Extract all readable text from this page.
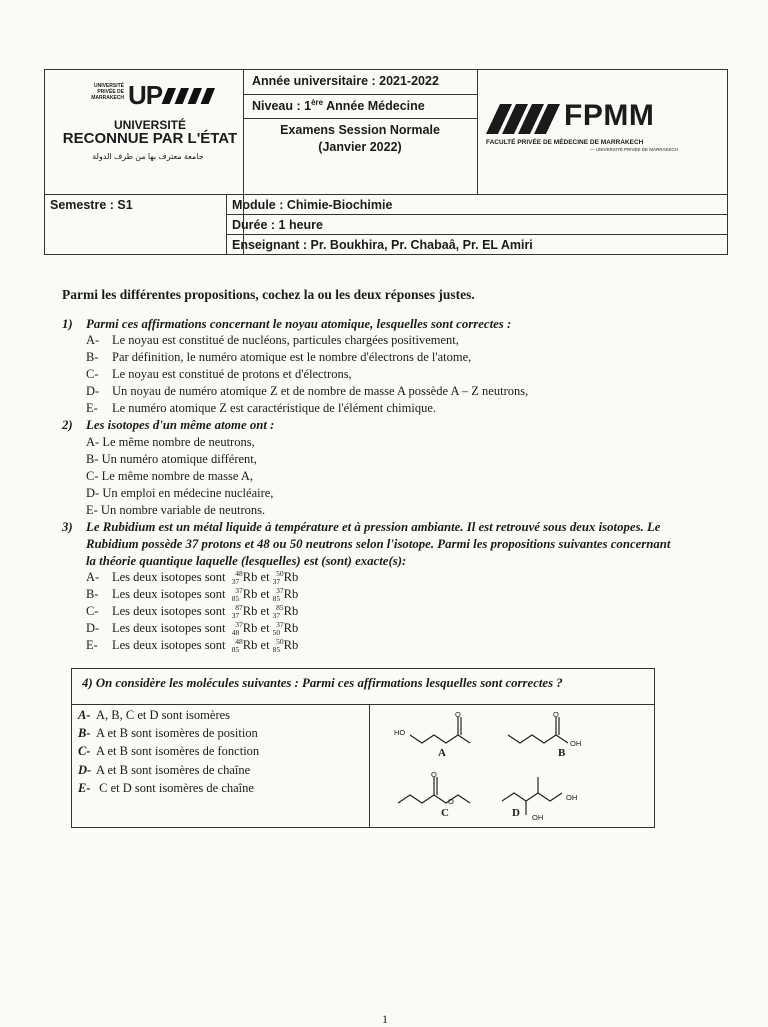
UNIVERSITÉ
PRIVÉE DE
MARRAKECH UP
UNIVERSITÉ
RECONNUE PAR L'ÉTAT
جامعة معترف بها من طرف الدولة
Année universitaire : 2021-2022
Niveau : 1ère Année Médecine
Examens Session Normale
(Janvier 2022)
FPMM
FACULTÉ PRIVÉE DE MÉDECINE DE MARRAKECH
— UNIVERSITÉ PRIVÉE DE MARRAKECH
Semestre : S1	Module : Chimie-Biochimie
Durée : 1 heure
Enseignant : Pr. Boukhira, Pr. Chabaâ, Pr. EL Amiri
Parmi les différentes propositions, cochez la ou les deux réponses justes.
1) Parmi ces affirmations concernant le noyau atomique, lesquelles sont correctes :
A- Le noyau est constitué de nucléons, particules chargées positivement,
B- Par définition, le numéro atomique est le nombre d'électrons de l'atome,
C- Le noyau est constitué de protons et d'électrons,
D- Un noyau de numéro atomique Z et de nombre de masse A possède A – Z neutrons,
E- Le numéro atomique Z est caractéristique de l'élément chimique.
2) Les isotopes d'un même atome ont :
A- Le même nombre de neutrons,
B- Un numéro atomique différent,
C- Le même nombre de masse A,
D- Un emploi en médecine nucléaire,
E- Un nombre variable de neutrons.
3) Le Rubidium est un métal liquide à température et à pression ambiante. Il est retrouvé sous deux isotopes. Le
Rubidium possède 37 protons et 48 ou 50 neutrons selon l'isotope. Parmi les propositions suivantes concernant
la théorie quantique laquelle (lesquelles) est (sont) exacte(s):
A- Les deux isotopes sont $_{37}^{48}$Rb et $_{37}^{50}$Rb
B- Les deux isotopes sont $_{85}^{37}$Rb et $_{85}^{37}$Rb
C- Les deux isotopes sont $_{37}^{87}$Rb et $_{37}^{85}$Rb
D- Les deux isotopes sont $_{48}^{37}$Rb et $_{50}^{37}$Rb
E- Les deux isotopes sont $_{85}^{48}$Rb et $_{85}^{50}$Rb
4) On considère les molécules suivantes : Parmi ces affirmations lesquelles sont correctes ?
A- A, B, C et D sont isomères
B- A et B sont isomères de position
C- A et B sont isomères de fonction
D- A et B sont isomères de chaîne
E- C et D sont isomères de chaîne
HO
O	O
OH
O
O	OH
OH
A	B
C	D
1
